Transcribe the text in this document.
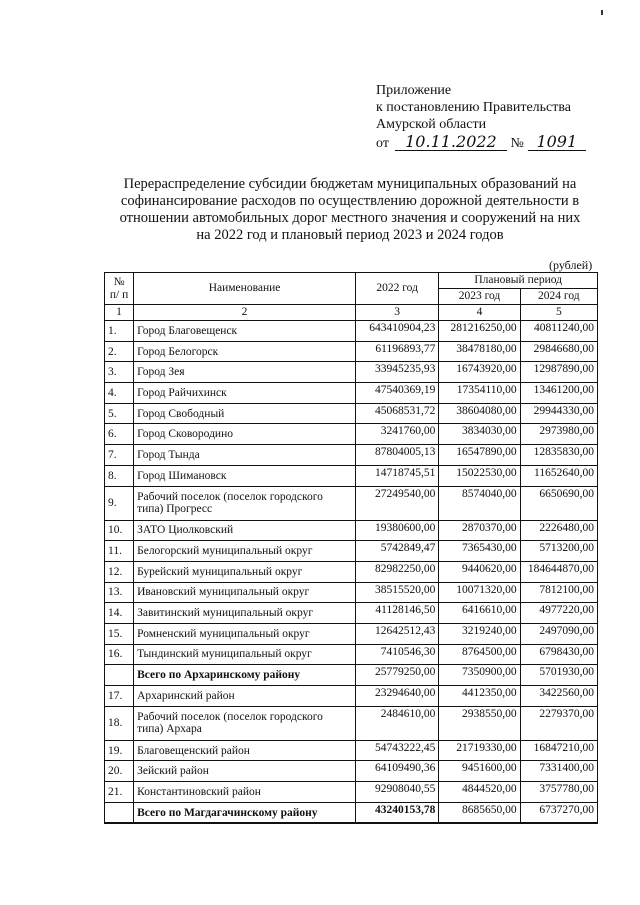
Приложение
к постановлению Правительства
Амурской области
от 10.11.2022 № 1091
Перераспределение субсидии бюджетам муниципальных образований на
софинансирование расходов по осуществлению дорожной деятельности в
отношении автомобильных дорог местного значения и сооружений на них
на 2022 год и плановый период 2023 и 2024 годов
(рублей)
№ п/ п	Наименование	2022 год	Плановый период	
			2023 год	2024 год
1	2	3	4	5
1.	Город Благовещенск	643410904,23	281216250,00	40811240,00
2.	Город Белогорск	61196893,77	38478180,00	29846680,00
3.	Город Зея	33945235,93	16743920,00	12987890,00
4.	Город Райчихинск	47540369,19	17354110,00	13461200,00
5.	Город Свободный	45068531,72	38604080,00	29944330,00
6.	Город Сковородино	3241760,00	3834030,00	2973980,00
7.	Город Тында	87804005,13	16547890,00	12835830,00
8.	Город Шимановск	14718745,51	15022530,00	11652640,00
9.	Рабочий поселок (поселок городского типа) Прогресс	27249540,00	8574040,00	6650690,00
10.	ЗАТО Циолковский	19380600,00	2870370,00	2226480,00
11.	Белогорский муниципальный округ	5742849,47	7365430,00	5713200,00
12.	Бурейский муниципальный округ	82982250,00	9440620,00	184644870,00
13.	Ивановский муниципальный округ	38515520,00	10071320,00	7812100,00
14.	Завитинский муниципальный округ	41128146,50	6416610,00	4977220,00
15.	Ромненский муниципальный округ	12642512,43	3219240,00	2497090,00
16.	Тындинский муниципальный округ	7410546,30	8764500,00	6798430,00
	Всего по Архаринскому району	25779250,00	7350900,00	5701930,00
17.	Архаринский район	23294640,00	4412350,00	3422560,00
18.	Рабочий поселок (поселок городского типа) Архара	2484610,00	2938550,00	2279370,00
19.	Благовещенский район	54743222,45	21719330,00	16847210,00
20.	Зейский район	64109490,36	9451600,00	7331400,00
21.	Константиновский район	92908040,55	4844520,00	3757780,00
	Всего по Магдагачинскому району	43240153,78	8685650,00	6737270,00
